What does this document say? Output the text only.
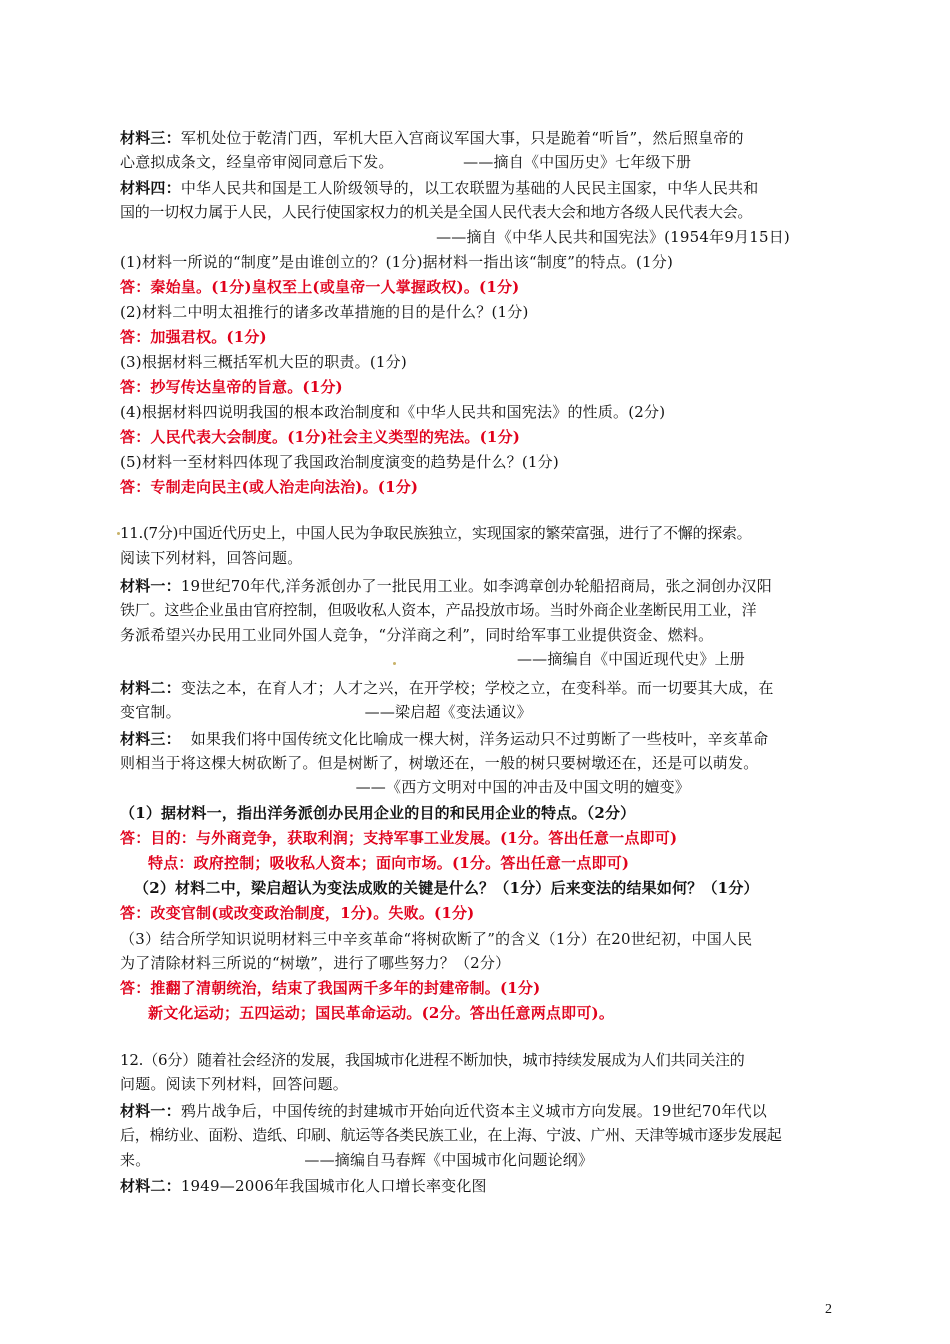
材料三：军机处位于乾清门西，军机大臣入宫商议军国大事，只是跪着“听旨”，然后照皇帝的
心意拟成条文，经皇帝审阅同意后下发。              ——摘自《中国历史》七年级下册
材料四：中华人民共和国是工人阶级领导的，以工农联盟为基础的人民民主国家，中华人民共和
国的一切权力属于人民，人民行使国家权力的机关是全国人民代表大会和地方各级人民代表大会。
——摘自《中华人民共和国宪法》(1954年9月15日)
(1)材料一所说的“制度”是由谁创立的？(1分)据材料一指出该“制度”的特点。(1分)
答：秦始皇。(1分)皇权至上(或皇帝一人掌握政权)。(1分)
(2)材料二中明太祖推行的诸多改革措施的目的是什么？(1分)
答：加强君权。(1分)
(3)根据材料三概括军机大臣的职责。(1分)
答：抄写传达皇帝的旨意。(1分)
(4)根据材料四说明我国的根本政治制度和《中华人民共和国宪法》的性质。(2分)
答：人民代表大会制度。(1分)社会主义类型的宪法。(1分)
(5)材料一至材料四体现了我国政治制度演变的趋势是什么？(1分)
答：专制走向民主(或人治走向法治)。(1分)
11.(7分)中国近代历史上，中国人民为争取民族独立，实现国家的繁荣富强，进行了不懈的探索。
阅读下列材料，回答问题。
材料一：19世纪70年代,洋务派创办了一批民用工业。如李鸿章创办轮船招商局，张之洞创办汉阳
铁厂。这些企业虽由官府控制，但吸收私人资本，产品投放市场。当时外商企业垄断民用工业，洋
务派希望兴办民用工业同外国人竞争，“分洋商之利”，同时给军事工业提供资金、燃料。
——摘编自《中国近现代史》上册
材料二：变法之本，在育人才；人才之兴，在开学校；学校之立，在变科举。而一切要其大成，在
变官制。                                     ——梁启超《变法通议》
材料三：  如果我们将中国传统文化比喻成一棵大树，洋务运动只不过剪断了一些枝叶，辛亥革命
则相当于将这棵大树砍断了。但是树断了，树墩还在，一般的树只要树墩还在，还是可以萌发。
——《西方文明对中国的冲击及中国文明的嬗变》
（1）据材料一，指出洋务派创办民用企业的目的和民用企业的特点。（2分）
答：目的：与外商竞争，获取利润；支持军事工业发展。(1分。答出任意一点即可)
特点：政府控制；吸收私人资本；面向市场。(1分。答出任意一点即可)
（2）材料二中，梁启超认为变法成败的关键是什么？（1分）后来变法的结果如何？（1分）
答：改变官制(或改变政治制度，1分)。失败。(1分)
（3）结合所学知识说明材料三中辛亥革命“将树砍断了”的含义（1分）在20世纪初，中国人民
为了清除材料三所说的“树墩”，进行了哪些努力？（2分）
答：推翻了清朝统治，结束了我国两千多年的封建帝制。(1分)
新文化运动；五四运动；国民革命运动。(2分。答出任意两点即可)。
12.（6分）随着社会经济的发展，我国城市化进程不断加快，城市持续发展成为人们共同关注的
问题。阅读下列材料，回答问题。
材料一：鸦片战争后，中国传统的封建城市开始向近代资本主义城市方向发展。19世纪70年代以
后，棉纺业、面粉、造纸、印刷、航运等各类民族工业，在上海、宁波、广州、天津等城市逐步发展起
来。                               ——摘编自马春辉《中国城市化问题论纲》
材料二：1949—2006年我国城市化人口增长率变化图
2
